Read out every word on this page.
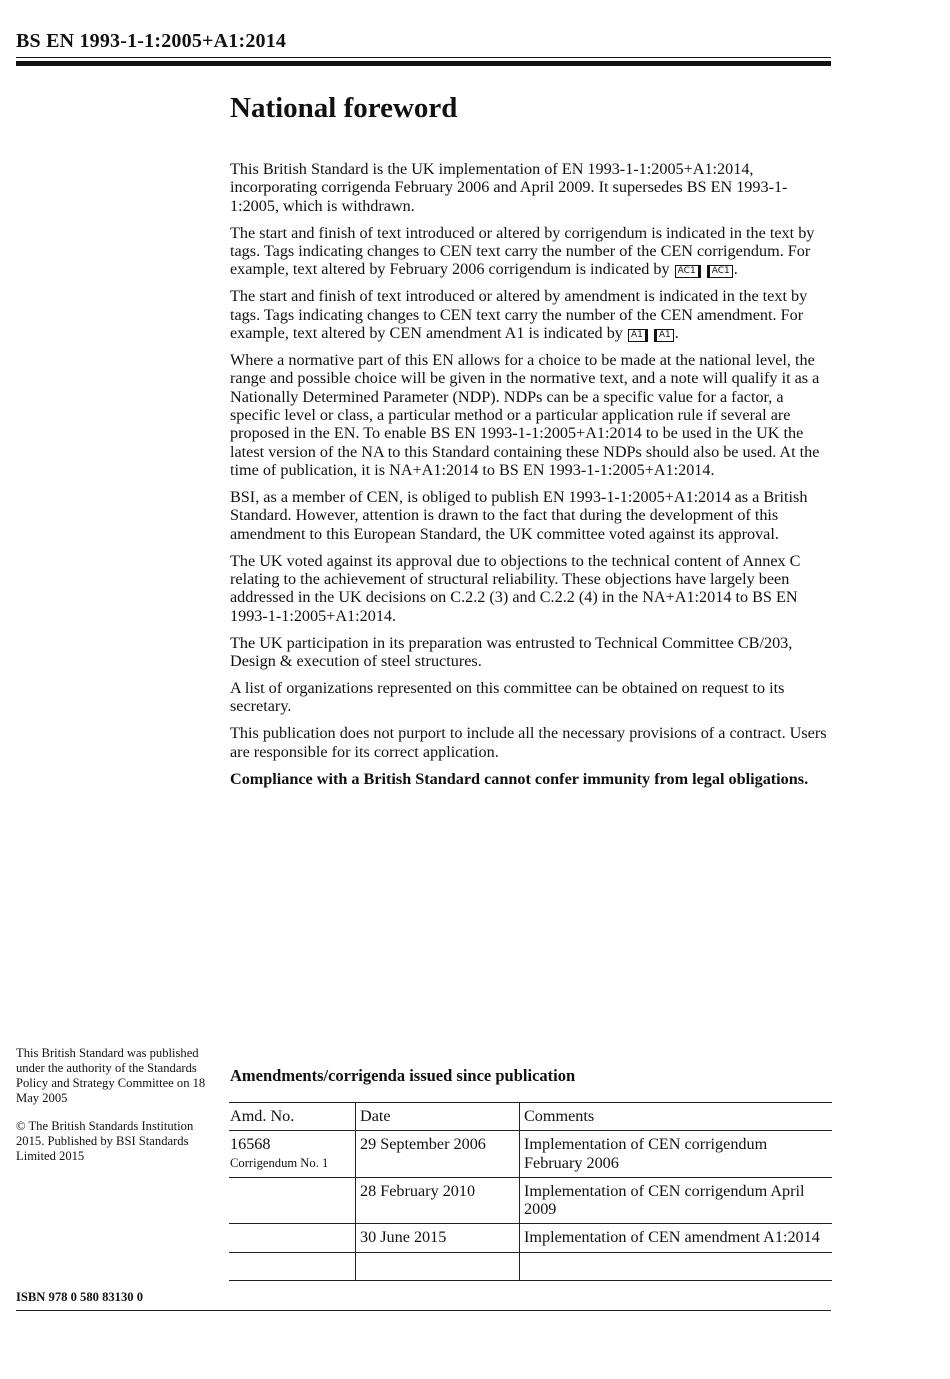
BS EN 1993-1-1:2005+A1:2014
National foreword

This British Standard is the UK implementation of EN 1993-1-1:2005+A1:2014, incorporating corrigenda February 2006 and April 2009. It supersedes BS EN 1993-1-1:2005, which is withdrawn.

The start and finish of text introduced or altered by corrigendum is indicated in the text by tags. Tags indicating changes to CEN text carry the number of the CEN corrigendum. For example, text altered by February 2006 corrigendum is indicated by AC1 AC1 .

The start and finish of text introduced or altered by amendment is indicated in the text by tags. Tags indicating changes to CEN text carry the number of the CEN amendment. For example, text altered by CEN amendment A1 is indicated by A1 A1 .

Where a normative part of this EN allows for a choice to be made at the national level, the range and possible choice will be given in the normative text, and a note will qualify it as a Nationally Determined Parameter (NDP). NDPs can be a specific value for a factor, a specific level or class, a particular method or a particular application rule if several are proposed in the EN. To enable BS EN 1993-1-1:2005+A1:2014 to be used in the UK the latest version of the NA to this Standard containing these NDPs should also be used. At the time of publication, it is NA+A1:2014 to BS EN 1993-1-1:2005+A1:2014.

BSI, as a member of CEN, is obliged to publish EN 1993-1-1:2005+A1:2014 as a British Standard. However, attention is drawn to the fact that during the development of this amendment to this European Standard, the UK committee voted against its approval.

The UK voted against its approval due to objections to the technical content of Annex C relating to the achievement of structural reliability. These objections have largely been addressed in the UK decisions on C.2.2 (3) and C.2.2 (4) in the NA+A1:2014 to BS EN 1993-1-1:2005+A1:2014.

The UK participation in its preparation was entrusted to Technical Committee CB/203, Design & execution of steel structures.

A list of organizations represented on this committee can be obtained on request to its secretary.

This publication does not purport to include all the necessary provisions of a contract. Users are responsible for its correct application.

Compliance with a British Standard cannot confer immunity from legal obligations.

This British Standard was published under the authority of the Standards Policy and Strategy Committee on 18 May 2005

© The British Standards Institution 2015. Published by BSI Standards Limited 2015

ISBN 978 0 580 83130 0
Amendments/corrigenda issued since publication
Amd. No.	Date	Comments
16568
Corrigendum No. 1	29 September 2006	Implementation of CEN corrigendum February 2006
	28 February 2010	Implementation of CEN corrigendum April 2009
	30 June 2015	Implementation of CEN amendment A1:2014
